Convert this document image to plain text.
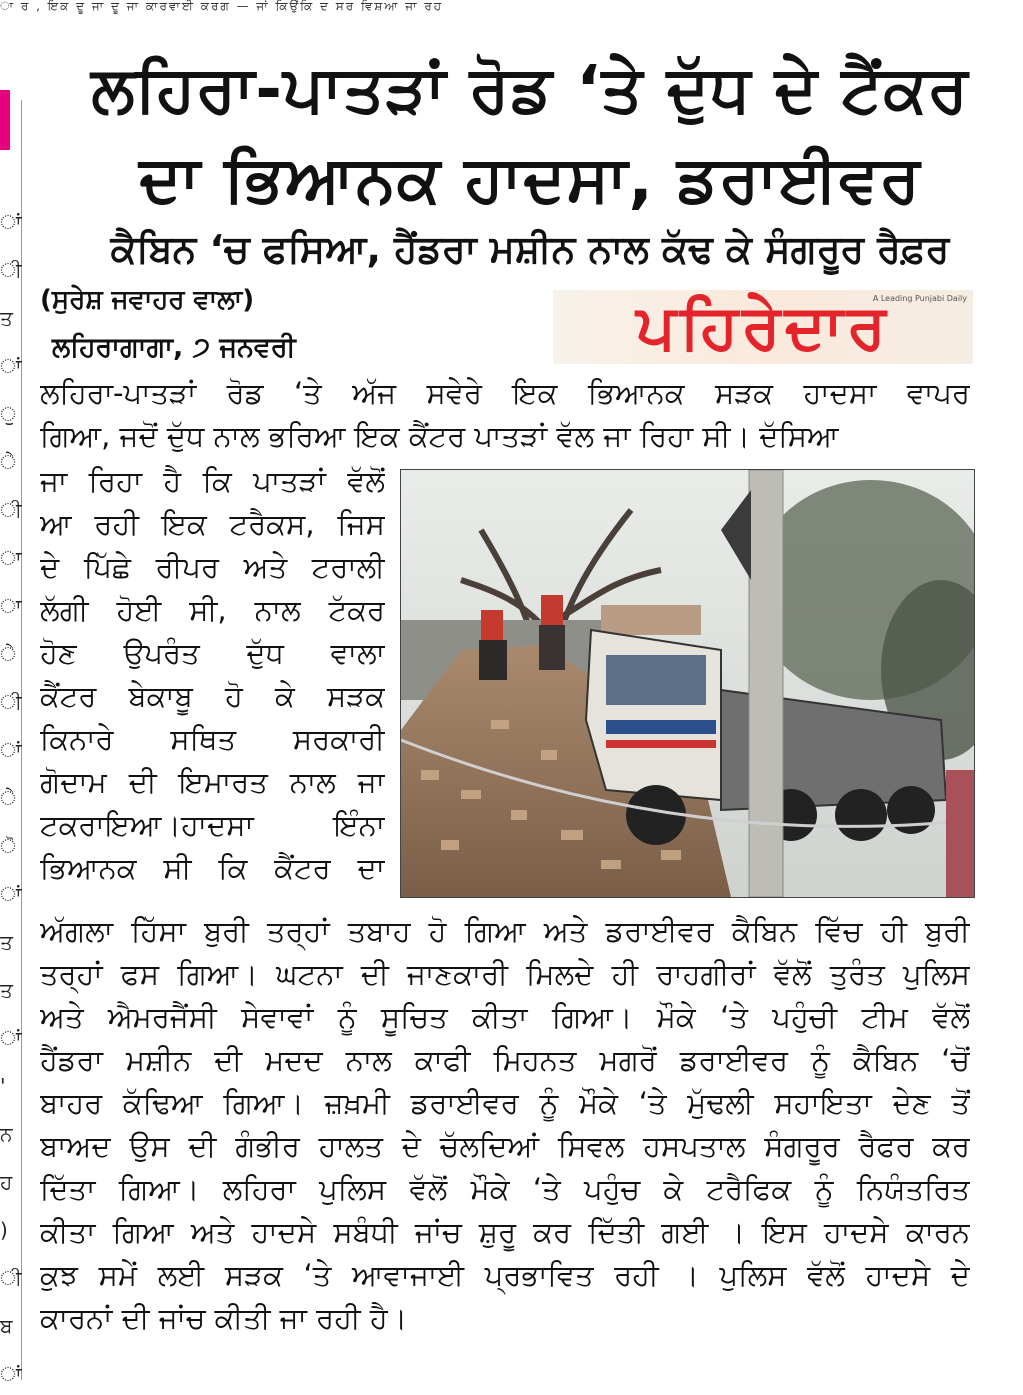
ਾ ਰ , ਇਕ ਦੂ ਜਾ ਦੂ ਜਾ ਕਾਰਵਾਈ ਕਰਗ — ਜਾਂ ਕਿਉਂਕਿ ਦ ਸਰ ਵਿਸ਼ਆ ਜਾ ਰਹ
ਾਂ
ੀ
ਤ
ਾਂ
ੁ
ੇ
ੀ
ਾ
ਾ
ੇ
ੀ
ਾਂ
ੇ
ੋ
ਾਂ
ਤ
ਤ
ਾਂ
'
ਨ
ਹ
)
ੀ
ਬ
ਾਂ
ਲਹਿਰਾ-ਪਾਤੜਾਂ ਰੋਡ ‘ਤੇ ਦੁੱਧ ਦੇ ਟੈਂਕਰ
ਦਾ ਭਿਆਨਕ ਹਾਦਸਾ, ਡਰਾਈਵਰ
ਕੈਬਿਨ ‘ਚ ਫਸਿਆ, ਹੈਂਡਰਾ ਮਸ਼ੀਨ ਨਾਲ ਕੱਢ ਕੇ ਸੰਗਰੂਰ ਰੈਫ਼ਰ
(ਸੁਰੇਸ਼ ਜਵਾਹਰ ਵਾਲਾ)
ਲਹਿਰਾਗਾਗਾ, ੭ ਜਨਵਰੀ	ਪਹਿਰੇਦਾਰ
A Leading Punjabi Daily
ਲਹਿਰਾ-ਪਾਤੜਾਂ ਰੋਡ ‘ਤੇ ਅੱਜ ਸਵੇਰੇ ਇਕ ਭਿਆਨਕ ਸੜਕ ਹਾਦਸਾ ਵਾਪਰ
ਗਿਆ, ਜਦੋਂ ਦੁੱਧ ਨਾਲ ਭਰਿਆ ਇਕ ਕੈਂਟਰ ਪਾਤੜਾਂ ਵੱਲ ਜਾ ਰਿਹਾ ਸੀ। ਦੱਸਿਆ
ਜਾ ਰਿਹਾ ਹੈ ਕਿ ਪਾਤੜਾਂ ਵੱਲੋਂ
ਆ ਰਹੀ ਇਕ ਟਰੈਕਸ, ਜਿਸ
ਦੇ ਪਿੱਛੇ ਰੀਪਰ ਅਤੇ ਟਰਾਲੀ
ਲੱਗੀ ਹੋਈ ਸੀ, ਨਾਲ ਟੱਕਰ
ਹੋਣ ਉਪਰੰਤ ਦੁੱਧ ਵਾਲਾ
ਕੈਂਟਰ ਬੇਕਾਬੂ ਹੋ ਕੇ ਸੜਕ
ਕਿਨਾਰੇ ਸਥਿਤ ਸਰਕਾਰੀ
ਗੋਦਾਮ ਦੀ ਇਮਾਰਤ ਨਾਲ ਜਾ
ਟਕਰਾਇਆ।ਹਾਦਸਾ ਇੰਨਾ
ਭਿਆਨਕ ਸੀ ਕਿ ਕੈਂਟਰ ਦਾ
ਅੱਗਲਾ ਹਿੱਸਾ ਬੁਰੀ ਤਰ੍ਹਾਂ ਤਬਾਹ ਹੋ ਗਿਆ ਅਤੇ ਡਰਾਈਵਰ ਕੈਬਿਨ ਵਿੱਚ ਹੀ ਬੁਰੀ
ਤਰ੍ਹਾਂ ਫਸ ਗਿਆ। ਘਟਨਾ ਦੀ ਜਾਣਕਾਰੀ ਮਿਲਦੇ ਹੀ ਰਾਹਗੀਰਾਂ ਵੱਲੋਂ ਤੁਰੰਤ ਪੁਲਿਸ
ਅਤੇ ਐਮਰਜੈਂਸੀ ਸੇਵਾਵਾਂ ਨੂੰ ਸੂਚਿਤ ਕੀਤਾ ਗਿਆ। ਮੌਕੇ ‘ਤੇ ਪਹੁੰਚੀ ਟੀਮ ਵੱਲੋਂ
ਹੈਂਡਰਾ ਮਸ਼ੀਨ ਦੀ ਮਦਦ ਨਾਲ ਕਾਫੀ ਮਿਹਨਤ ਮਗਰੋਂ ਡਰਾਈਵਰ ਨੂੰ ਕੈਬਿਨ ‘ਚੋਂ
ਬਾਹਰ ਕੱਢਿਆ ਗਿਆ। ਜ਼ਖ਼ਮੀ ਡਰਾਈਵਰ ਨੂੰ ਮੌਕੇ ‘ਤੇ ਮੁੱਢਲੀ ਸਹਾਇਤਾ ਦੇਣ ਤੋਂ
ਬਾਅਦ ਉਸ ਦੀ ਗੰਭੀਰ ਹਾਲਤ ਦੇ ਚੱਲਦਿਆਂ ਸਿਵਲ ਹਸਪਤਾਲ ਸੰਗਰੂਰ ਰੈਫਰ ਕਰ
ਦਿੱਤਾ ਗਿਆ। ਲਹਿਰਾ ਪੁਲਿਸ ਵੱਲੋਂ ਮੌਕੇ ‘ਤੇ ਪਹੁੰਚ ਕੇ ਟਰੈਫਿਕ ਨੂੰ ਨਿਯੰਤਰਿਤ
ਕੀਤਾ ਗਿਆ ਅਤੇ ਹਾਦਸੇ ਸਬੰਧੀ ਜਾਂਚ ਸ਼ੁਰੂ ਕਰ ਦਿੱਤੀ ਗਈ । ਇਸ ਹਾਦਸੇ ਕਾਰਨ
ਕੁਝ ਸਮੇਂ ਲਈ ਸੜਕ ‘ਤੇ ਆਵਾਜਾਈ ਪ੍ਰਭਾਵਿਤ ਰਹੀ । ਪੁਲਿਸ ਵੱਲੋਂ ਹਾਦਸੇ ਦੇ
ਕਾਰਨਾਂ ਦੀ ਜਾਂਚ ਕੀਤੀ ਜਾ ਰਹੀ ਹੈ।
